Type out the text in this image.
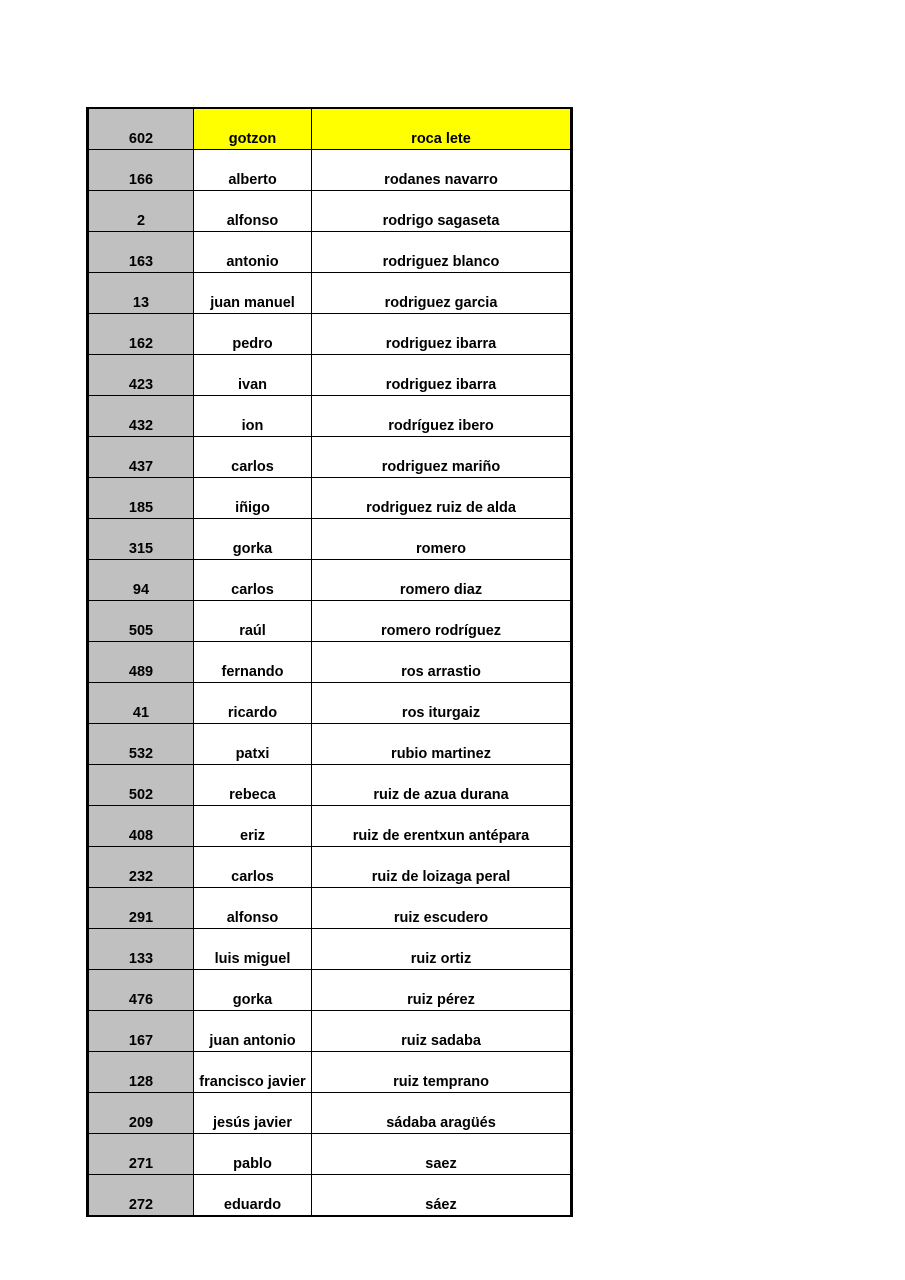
602	gotzon	roca lete
166	alberto	rodanes navarro
2	alfonso	rodrigo sagaseta
163	antonio	rodriguez blanco
13	juan manuel	rodriguez garcia
162	pedro	rodriguez ibarra
423	ivan	rodriguez ibarra
432	ion	rodríguez ibero
437	carlos	rodriguez mariño
185	iñigo	rodriguez ruiz de alda
315	gorka	romero
94	carlos	romero diaz
505	raúl	romero rodríguez
489	fernando	ros arrastio
41	ricardo	ros iturgaiz
532	patxi	rubio martinez
502	rebeca	ruiz de azua durana
408	eriz	ruiz de erentxun antépara
232	carlos	ruiz de loizaga peral
291	alfonso	ruiz escudero
133	luis miguel	ruiz ortiz
476	gorka	ruiz pérez
167	juan antonio	ruiz sadaba
128	francisco javier	ruiz temprano
209	jesús javier	sádaba aragüés
271	pablo	saez
272	eduardo	sáez
